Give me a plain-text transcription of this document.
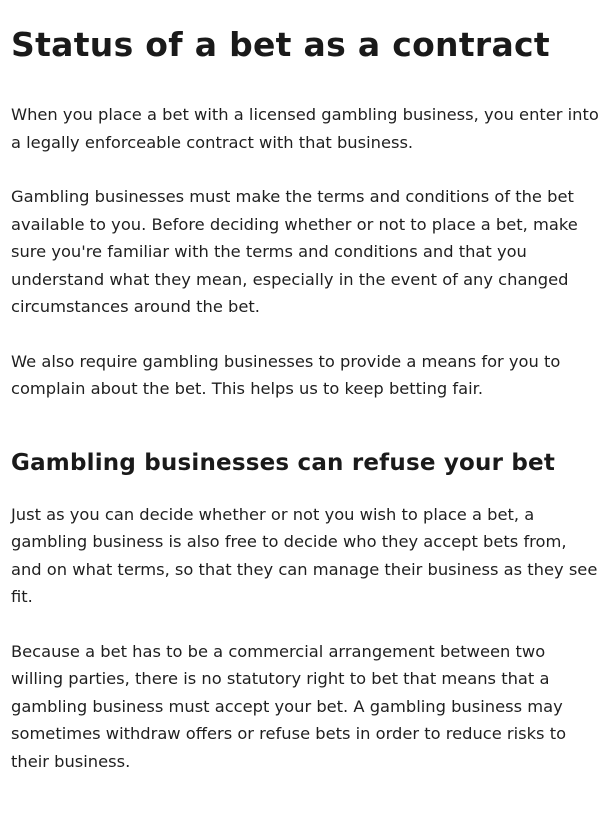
Status of a bet as a contract

When you place a bet with a licensed gambling business, you enter into a legally enforceable contract with that business.

Gambling businesses must make the terms and conditions of the bet available to you. Before deciding whether or not to place a bet, make sure you're familiar with the terms and conditions and that you understand what they mean, especially in the event of any changed circumstances around the bet.

We also require gambling businesses to provide a means for you to complain about the bet. This helps us to keep betting fair.

Gambling businesses can refuse your bet

Just as you can decide whether or not you wish to place a bet, a gambling business is also free to decide who they accept bets from, and on what terms, so that they can manage their business as they see fit.

Because a bet has to be a commercial arrangement between two willing parties, there is no statutory right to bet that means that a gambling business must accept your bet. A gambling business may sometimes withdraw offers or refuse bets in order to reduce risks to their business.
